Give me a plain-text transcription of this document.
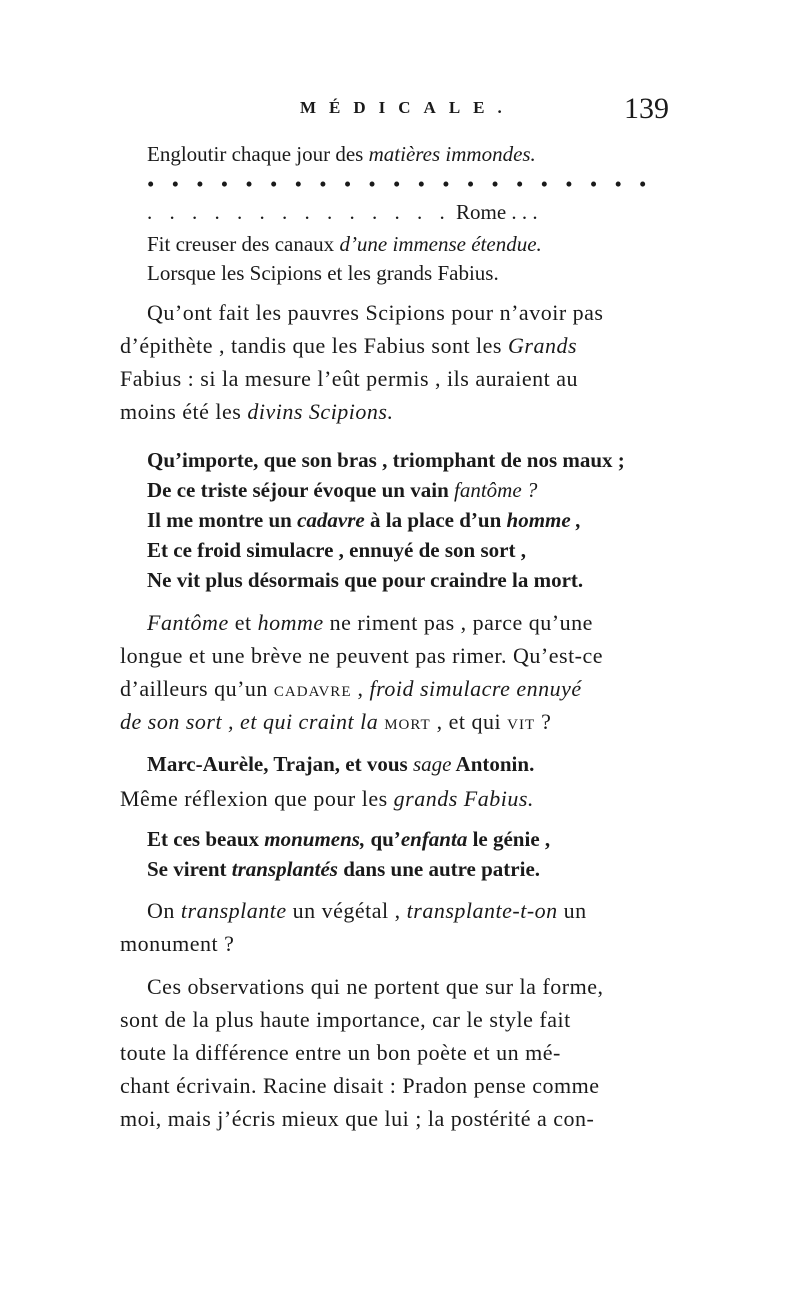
MÉDICALE.	139
Engloutir chaque jour des matières immondes.
• • • • • • • • • • • • • • • • • • • • •
. . . . . . . . . . . . . . Rome . . .
Fit creuser des canaux d’une immense étendue.
Lorsque les Scipions et les grands Fabius.
Qu’ont fait les pauvres Scipions pour n’avoir pas
d’épithète , tandis que les Fabius sont les Grands
Fabius : si la mesure l’eût permis , ils auraient au
moins été les divins Scipions.
Qu’importe, que son bras , triomphant de nos maux ;
De ce triste séjour évoque un vain fantôme ?
Il me montre un cadavre à la place d’un homme ,
Et ce froid simulacre , ennuyé de son sort ,
Ne vit plus désormais que pour craindre la mort.
Fantôme et homme ne riment pas , parce qu’une
longue et une brève ne peuvent pas rimer. Qu’est-ce
d’ailleurs qu’un cadavre , froid simulacre ennuyé
de son sort , et qui craint la mort , et qui vit ?
Marc-Aurèle, Trajan, et vous sage Antonin.
Même réflexion que pour les grands Fabius.
Et ces beaux monumens, qu’enfanta le génie ,
Se virent transplantés dans une autre patrie.
On transplante un végétal , transplante-t-on un
monument ?
Ces observations qui ne portent que sur la forme,
sont de la plus haute importance, car le style fait
toute la différence entre un bon poète et un mé-
chant écrivain. Racine disait : Pradon pense comme
moi, mais j’écris mieux que lui ; la postérité a con-
